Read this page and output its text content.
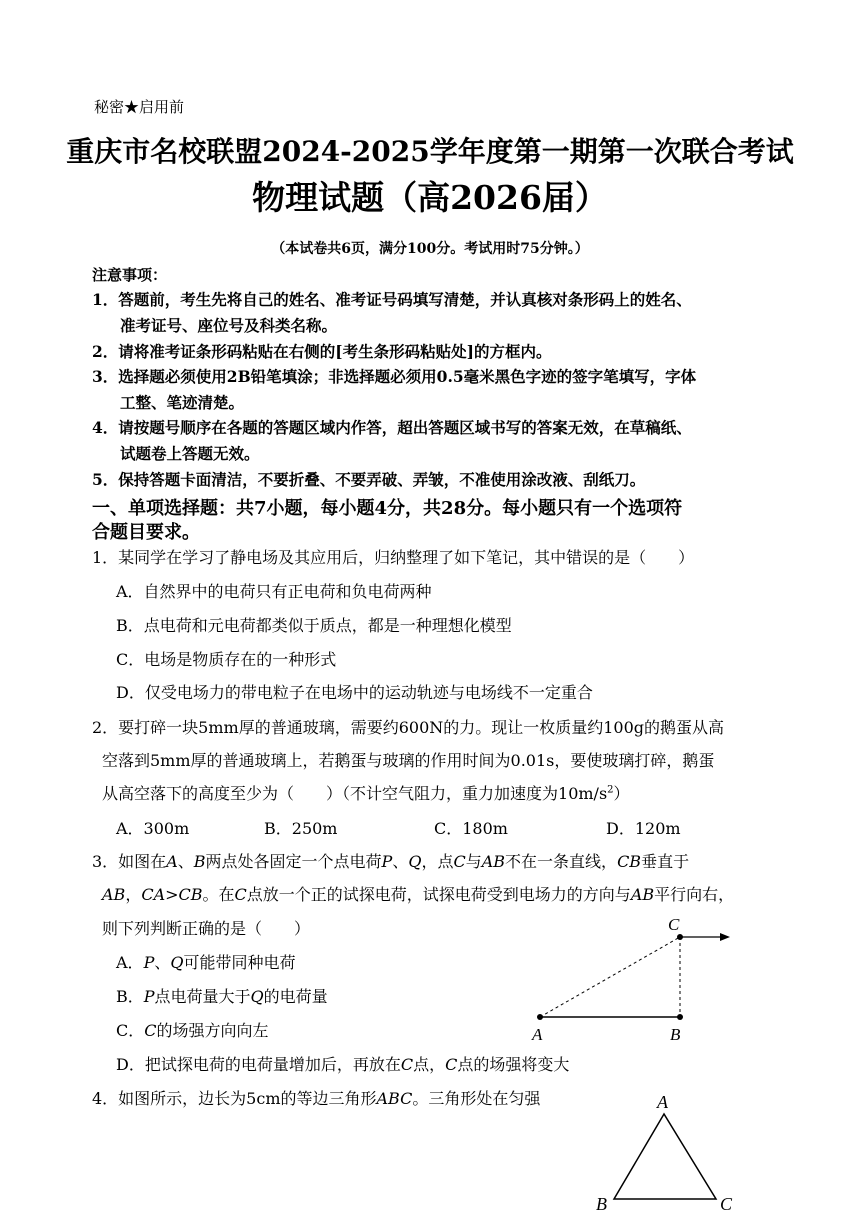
秘密★启用前
重庆市名校联盟2024-2025学年度第一期第一次联合考试
物理试题（高2026届）
（本试卷共6页，满分100分。考试用时75分钟。）
注意事项：
1．答题前，考生先将自己的姓名、准考证号码填写清楚，并认真核对条形码上的姓名、
准考证号、座位号及科类名称。
2．请将准考证条形码粘贴在右侧的[考生条形码粘贴处]的方框内。
3．选择题必须使用2B铅笔填涂；非选择题必须用0.5毫米黑色字迹的签字笔填写，字体
工整、笔迹清楚。
4．请按题号顺序在各题的答题区域内作答，超出答题区域书写的答案无效，在草稿纸、
试题卷上答题无效。
5．保持答题卡面清洁，不要折叠、不要弄破、弄皱，不准使用涂改液、刮纸刀。
一、单项选择题：共7小题，每小题4分，共28分。每小题只有一个选项符
合题目要求。
1．某同学在学习了静电场及其应用后，归纳整理了如下笔记，其中错误的是（　　）
A．自然界中的电荷只有正电荷和负电荷两种
B．点电荷和元电荷都类似于质点，都是一种理想化模型
C．电场是物质存在的一种形式
D．仅受电场力的带电粒子在电场中的运动轨迹与电场线不一定重合
2．要打碎一块5mm厚的普通玻璃，需要约600N的力。现让一枚质量约100g的鹅蛋从高
空落到5mm厚的普通玻璃上，若鹅蛋与玻璃的作用时间为0.01s，要使玻璃打碎，鹅蛋
从高空落下的高度至少为（　　）（不计空气阻力，重力加速度为$10m/s^2$）
A．300m	B．250m	C．180m	D．120m
3．如图在A、B两点处各固定一个点电荷P、Q，点C与AB不在一条直线，CB垂直于
AB，CA>CB。在C点放一个正的试探电荷，试探电荷受到电场力的方向与AB平行向右，
则下列判断正确的是（　　）
A．P、Q可能带同种电荷
B．P点电荷量大于Q的电荷量
C．C的场强方向向左
D．把试探电荷的电荷量增加后，再放在C点，C点的场强将变大
A	B
C
4．如图所示，边长为5cm的等边三角形ABC。三角形处在匀强	A
B	C
